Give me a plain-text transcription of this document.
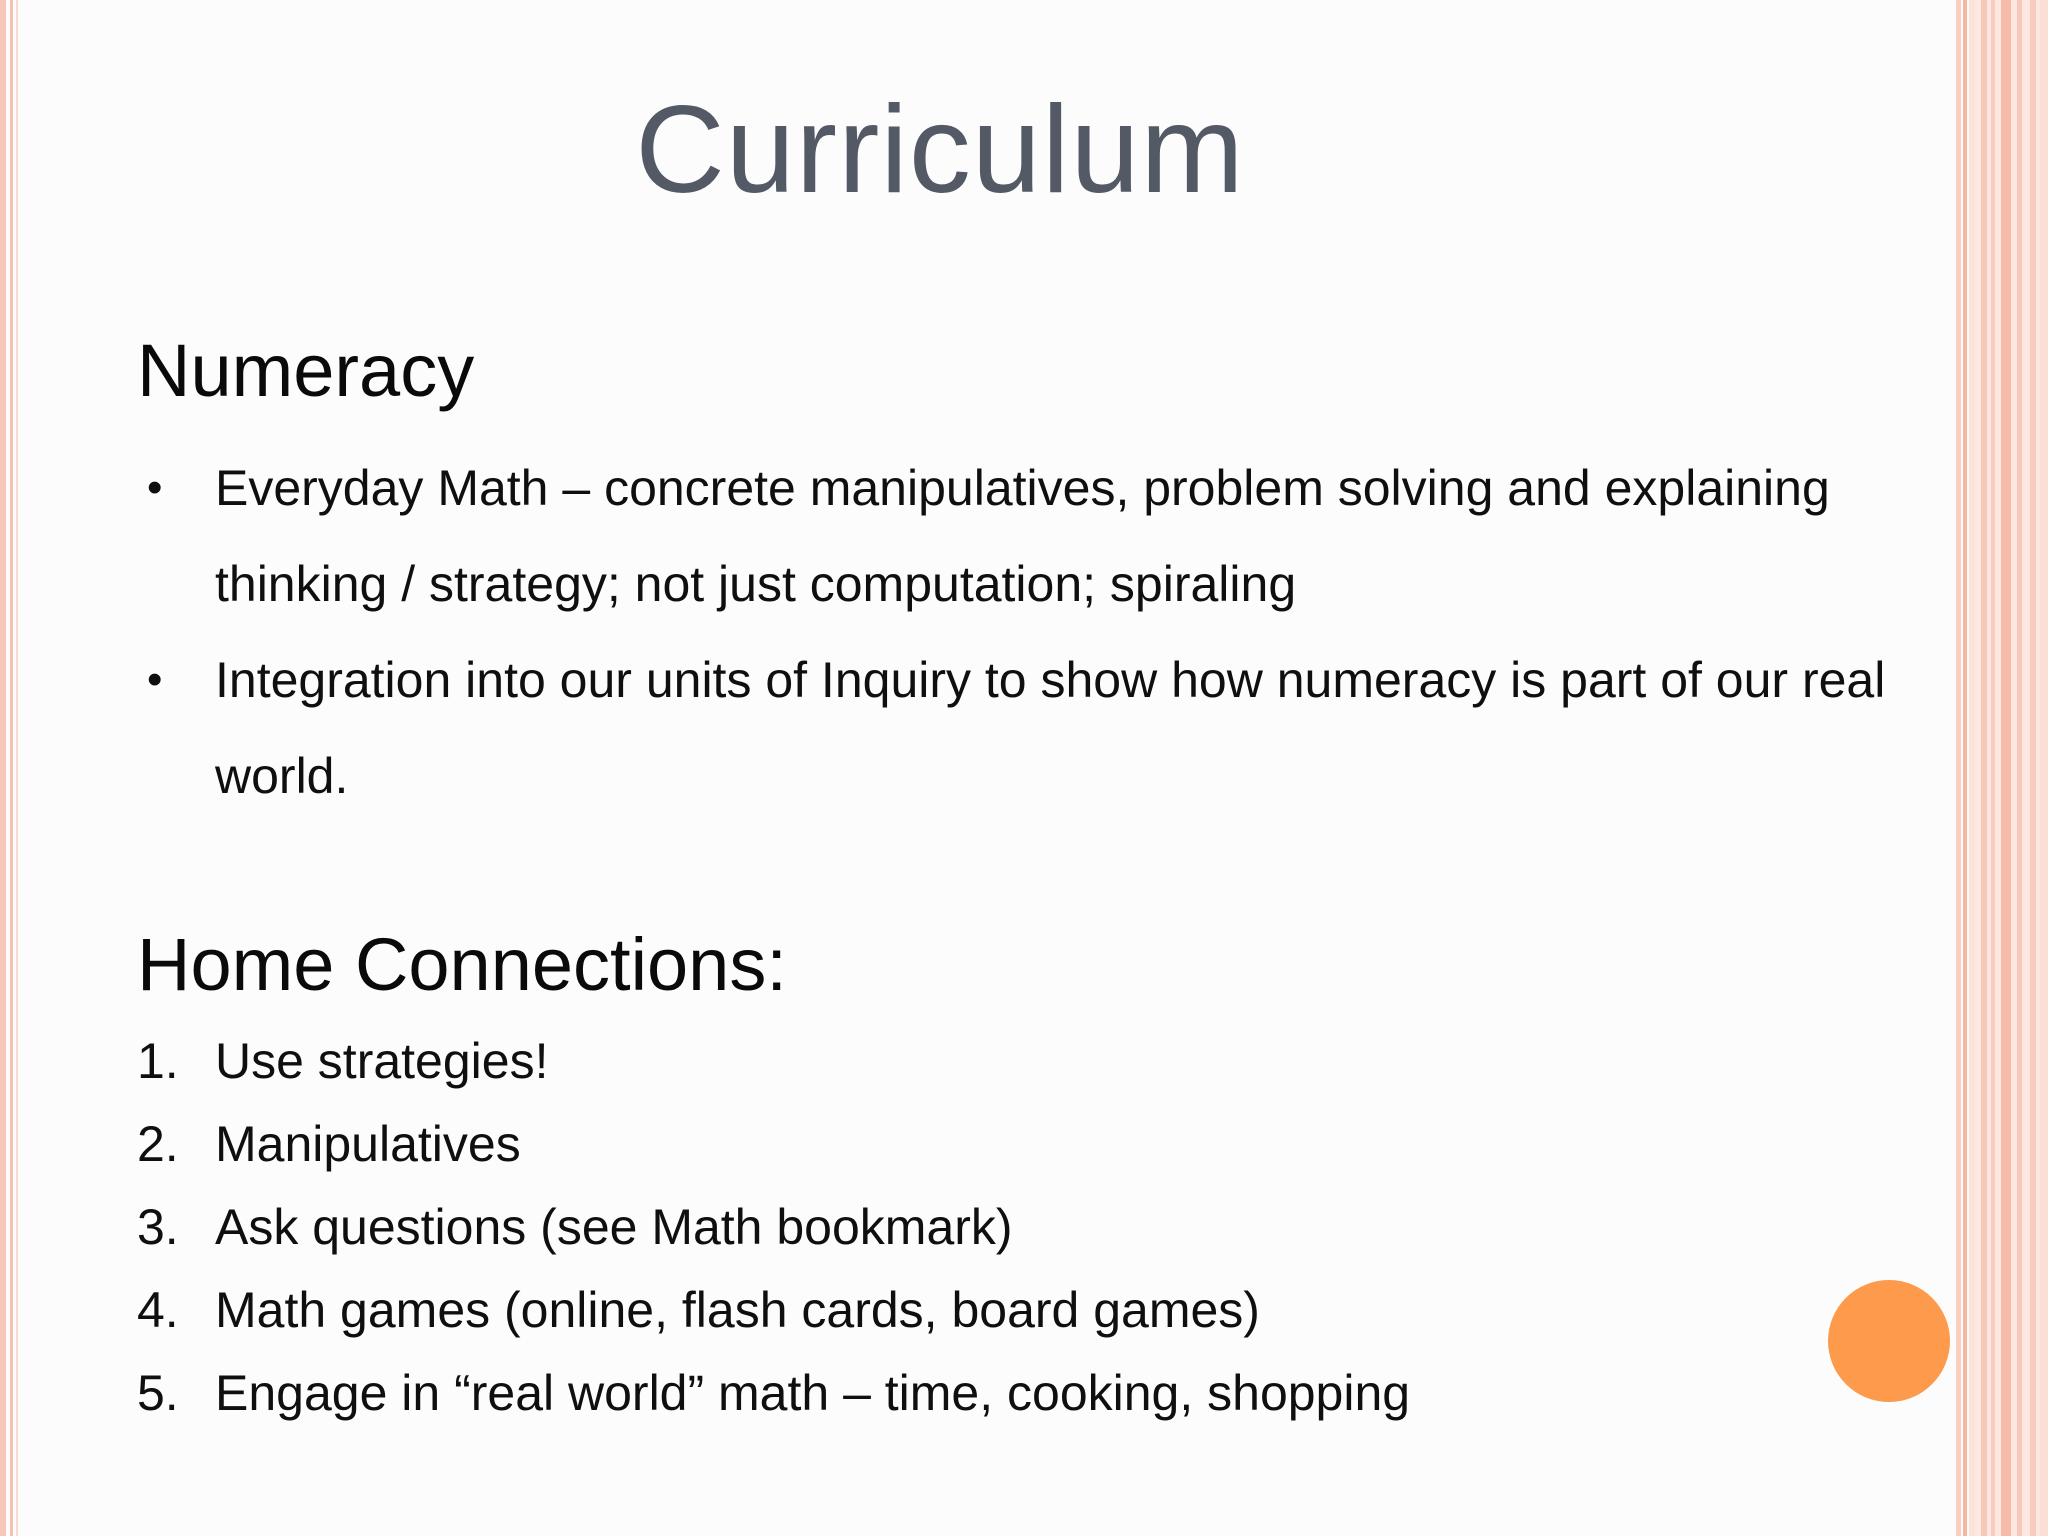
Curriculum
Numeracy
• Everyday Math – concrete manipulatives, problem solving and explaining thinking / strategy; not just computation; spiraling
• Integration into our units of Inquiry to show how numeracy is part of our real world.
Home Connections:
1. Use strategies!
2. Manipulatives
3. Ask questions (see Math bookmark)
4. Math games (online, flash cards, board games)
5. Engage in “real world” math – time, cooking, shopping
